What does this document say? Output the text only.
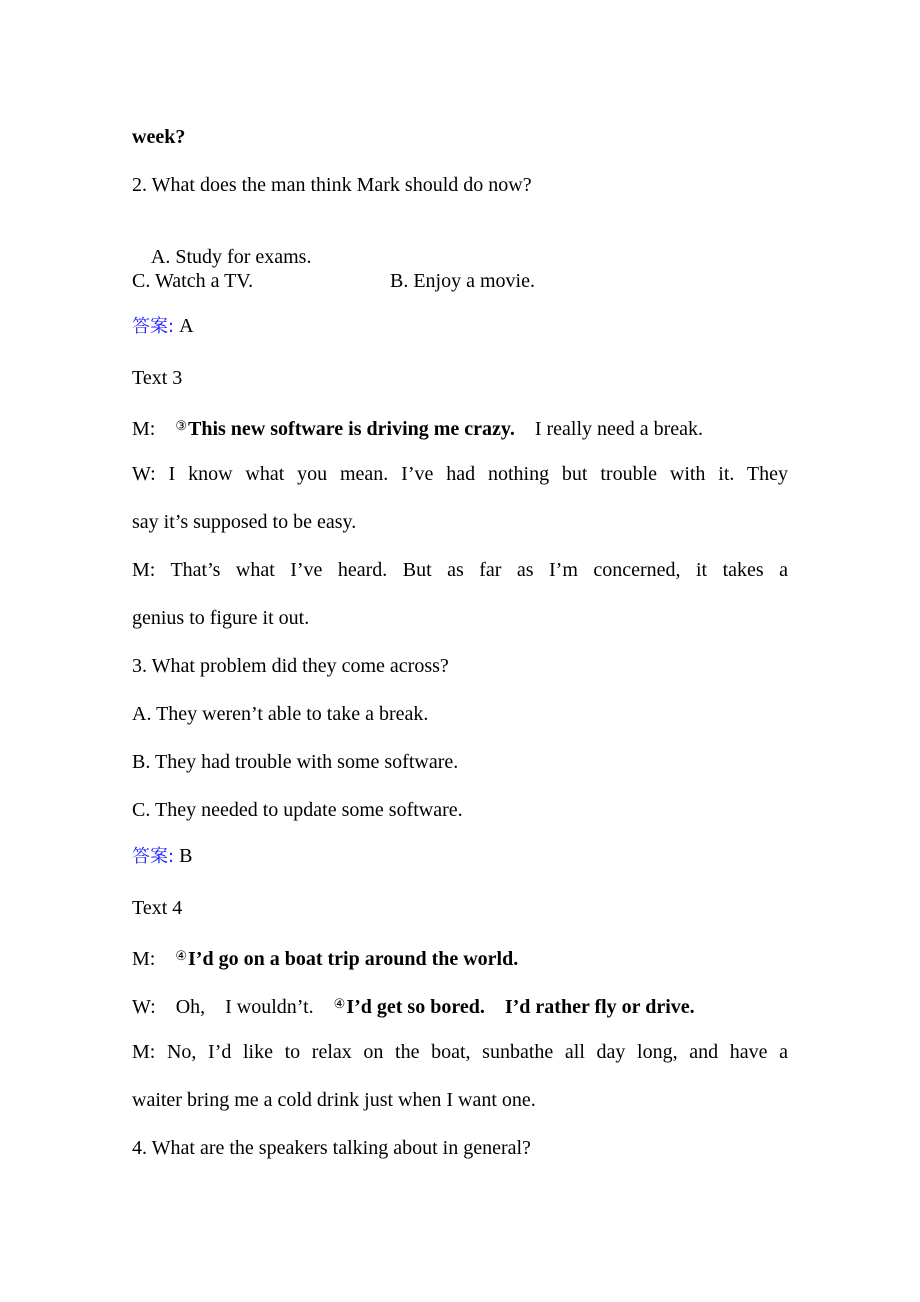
week?
2. What does the man think Mark should do now?

A. Study for exams.

B. Enjoy a movie.

C. Watch a TV.
答案: A
Text 3
M:    ③This new software is driving me crazy.    I really need a break.
W: I know what you mean. I’ve had nothing but trouble with it. They
say it’s supposed to be easy.
M: That’s what I’ve heard. But as far as I’m concerned, it takes a
genius to figure it out.
3. What problem did they come across?
A. They weren’t able to take a break.
B. They had trouble with some software.
C. They needed to update some software.
答案: B
Text 4
M:    ④I’d go on a boat trip around the world.
W:    Oh,    I wouldn’t.    ④I’d get so bored.    I’d rather fly or drive.
M: No, I’d like to relax on the boat, sunbathe all day long, and have a
waiter bring me a cold drink just when I want one.
4. What are the speakers talking about in general?
